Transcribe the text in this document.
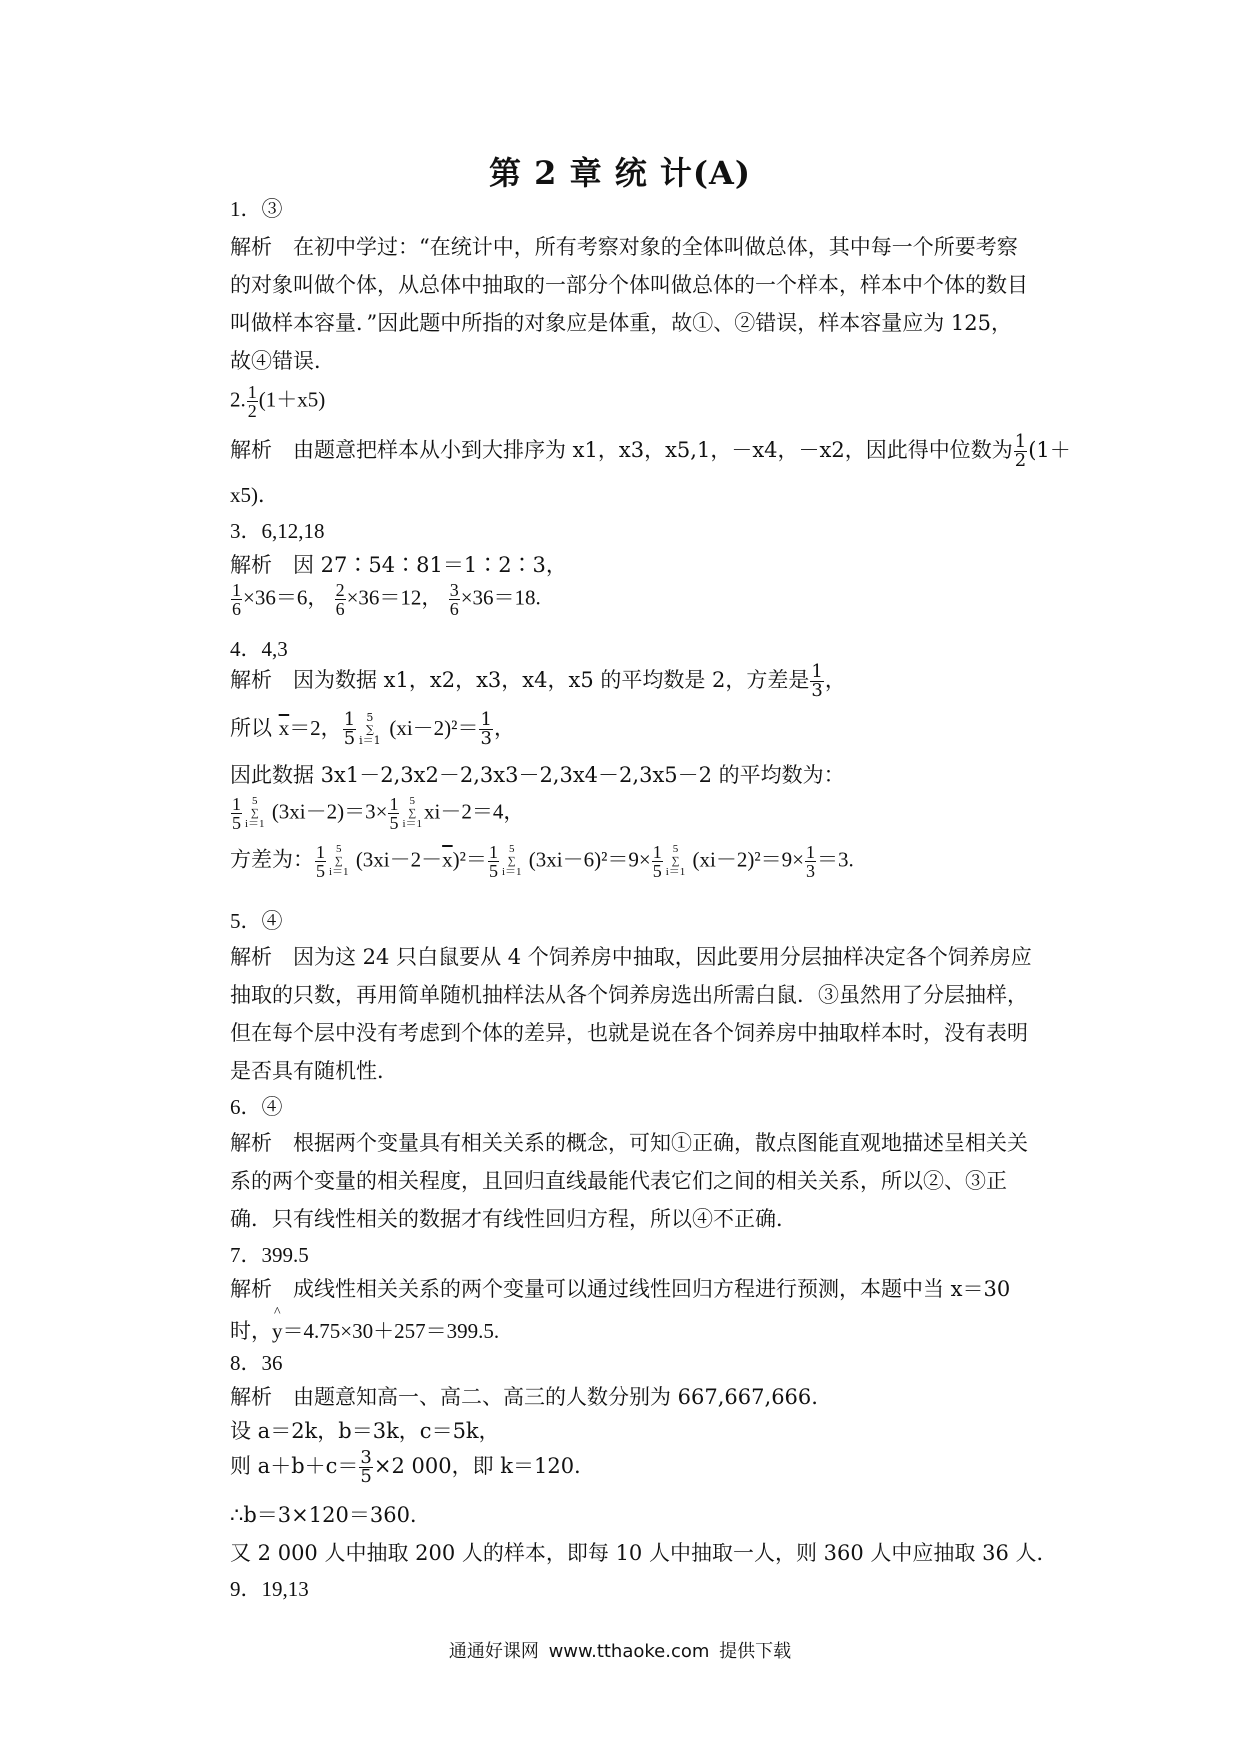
第 2 章 统 计(A)
1．③
解析　在初中学过：“在统计中，所有考察对象的全体叫做总体，其中每一个所要考察
的对象叫做个体，从总体中抽取的一部分个体叫做总体的一个样本，样本中个体的数目
叫做样本容量．”因此题中所指的对象应是体重，故①、②错误，样本容量应为 125，
故④错误．
2. $\frac{1}{2} (1+x5)$
解析　由题意把样本从小到大排序为 x1，x3，x5,1，－x4，－x2，因此得中位数为 $\frac{1}{2} (1+$
x5)．
3．6,12,18
解析　因 27∶54∶81＝1∶2∶3，
$\frac{1}{6} \times 36=6$， $\frac{2}{6} \times 36=12$， $\frac{3}{6} \times 36=18$.
4．4,3
解析　因为数据 x1，x2，x3，x4，x5 的平均数是 2，方差是 $\frac{1}{3}$ ，
所以 $\overline{x}=2$， $\frac{1}{5} 5$
∑
i＝1 $(xi-2)^2= \frac{1}{3}$ ，
因此数据 3x1－2,3x2－2,3x3－2,3x4－2,3x5－2 的平均数为：
$\frac{1}{5} 5$
∑
i＝1 $(3xi-2)=3\times \frac{1}{5} 5$
∑
i＝1xi－2＝4，
方差为： $\frac{1}{5} 5$
∑
i＝1 $(3xi-2-\overline{x})^2= \frac{1}{5} 5$
∑
i＝1 $(3xi-6)^2=9\times \frac{1}{5} 5$
∑
i＝1 $(xi-2)^2=9\times \frac{1}{3} =3$.
5．④
解析　因为这 24 只白鼠要从 4 个饲养房中抽取，因此要用分层抽样决定各个饲养房应
抽取的只数，再用简单随机抽样法从各个饲养房选出所需白鼠．③虽然用了分层抽样，
但在每个层中没有考虑到个体的差异，也就是说在各个饲养房中抽取样本时，没有表明
是否具有随机性．
6．④
解析　根据两个变量具有相关关系的概念，可知①正确，散点图能直观地描述呈相关关
系的两个变量的相关程度，且回归直线最能代表它们之间的相关关系，所以②、③正
确．只有线性相关的数据才有线性回归方程，所以④不正确．
7．399.5
解析　成线性相关关系的两个变量可以通过线性回归方程进行预测，本题中当 x＝30
时，^ y＝4.75×30＋257＝399.5.
8．36
解析　由题意知高一、高二、高三的人数分别为 667,667,666.
设 a＝2k，b＝3k，c＝5k，
则 $a+b+c= \frac{3}{5} \times 2$ 000，即 k＝120.
∴b＝3×120＝360.
又 2 000 人中抽取 200 人的样本，即每 10 人中抽取一人，则 360 人中应抽取 36 人．
9．19,13
通通好课网 www.tthaoke.com 提供下载
